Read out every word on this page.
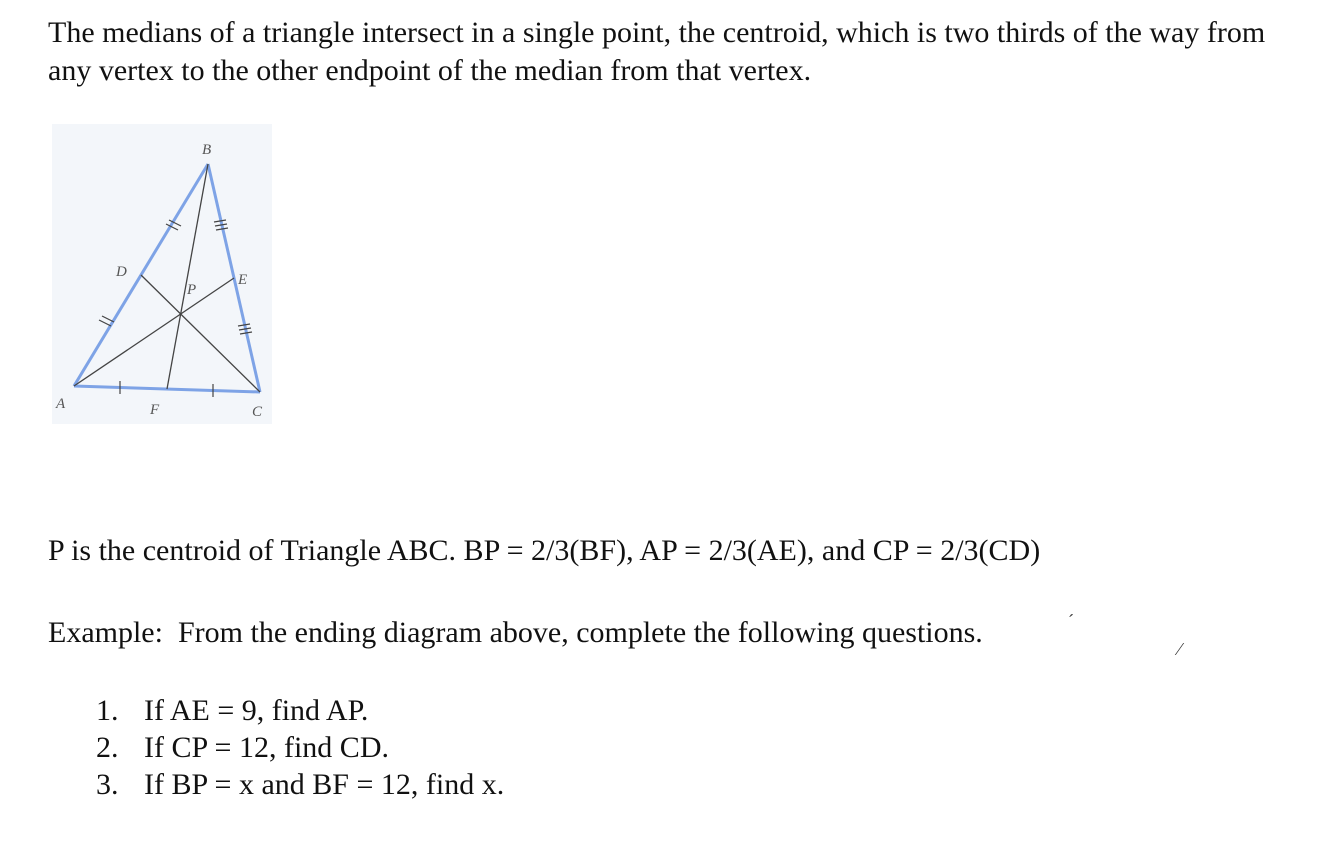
The medians of a triangle intersect in a single point, the centroid, which is two thirds of the way from any vertex to the other endpoint of the median from that vertex.

B
A	C
D	E
F
P

P is the centroid of Triangle ABC. BP = 2/3(BF), AP = 2/3(AE), and CP = 2/3(CD)

Example: From the ending diagram above, complete the following questions.

1. If AE = 9, find AP.
2. If CP = 12, find CD.
3. If BP = x and BF = 12, find x.
´
⁄
